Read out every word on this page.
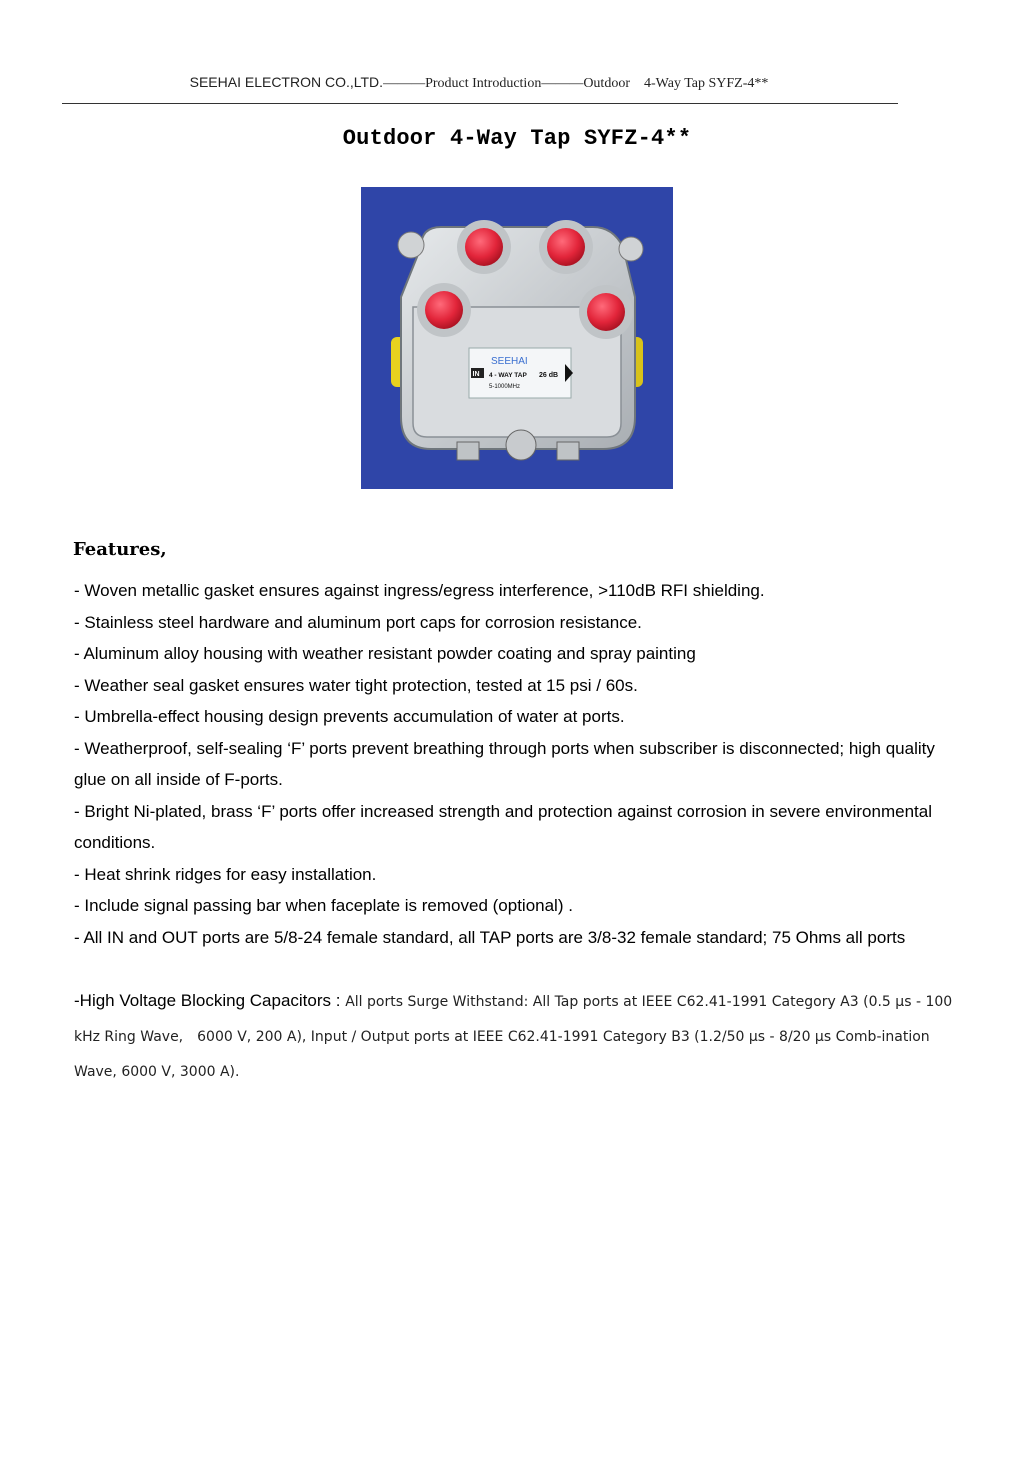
SEEHAI ELECTRON CO.,LTD.———Product Introduction———Outdoor　4-Way Tap SYFZ-4**
Outdoor 4-Way Tap SYFZ-4**
SEEHAI
IN 4 - WAY TAP
5-1000MHz
26 dB
Features,
- Woven metallic gasket ensures against ingress/egress interference, >110dB RFI shielding.
- Stainless steel hardware and aluminum port caps for corrosion resistance.
- Aluminum alloy housing with weather resistant powder coating and spray painting
- Weather seal gasket ensures water tight protection, tested at 15 psi / 60s.
- Umbrella-effect housing design prevents accumulation of water at ports.
- Weatherproof, self-sealing ‘F’ ports prevent breathing through ports when subscriber is disconnected; high quality glue on all inside of F-ports.
- Bright Ni-plated, brass ‘F’ ports offer increased strength and protection against corrosion in severe environmental conditions.
- Heat shrink ridges for easy installation.
- Include signal passing bar when faceplate is removed (optional) .
- All IN and OUT ports are 5/8-24 female standard, all TAP ports are 3/8-32 female standard; 75 Ohms all ports
-High Voltage Blocking Capacitors : All ports Surge Withstand: All Tap ports at IEEE C62.41-1991 Category A3 (0.5 µs - 100 kHz Ring Wave,　6000 V, 200 A), Input / Output ports at IEEE C62.41-1991 Category B3 (1.2/50 µs - 8/20 µs Comb-ination Wave, 6000 V, 3000 A).
